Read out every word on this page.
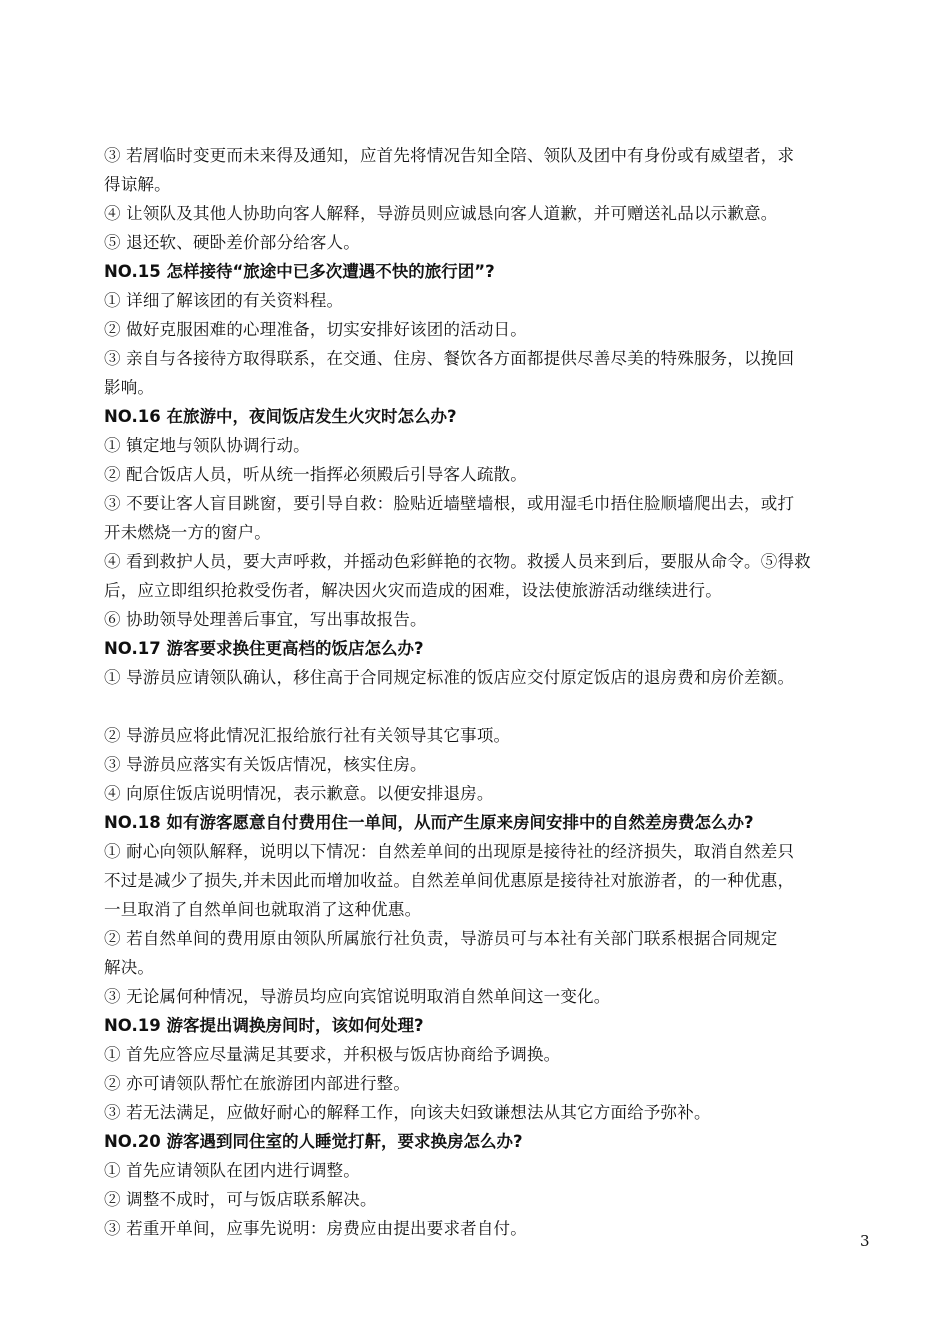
③ 若屑临时变更而未来得及通知，应首先将情况告知全陪、领队及团中有身份或有威望者，求
得谅解。
④ 让领队及其他人协助向客人解释，导游员则应诚恳向客人道歉，并可赠送礼品以示歉意。
⑤ 退还软、硬卧差价部分给客人。
NO.15 怎样接待“旅途中已多次遭遇不快的旅行团”?
① 详细了解该团的有关资料程。
② 做好克服困难的心理准备，切实安排好该团的活动日。
③ 亲自与各接待方取得联系，在交通、住房、餐饮各方面都提供尽善尽美的特殊服务，以挽回
影响。
NO.16 在旅游中，夜间饭店发生火灾时怎么办?
① 镇定地与领队协调行动。
② 配合饭店人员，听从统一指挥必须殿后引导客人疏散。
③ 不要让客人盲目跳窗，要引导自救：脸贴近墙壁墙根，或用湿毛巾捂住脸顺墙爬出去，或打
开未燃烧一方的窗户。
④ 看到救护人员，要大声呼救，并摇动色彩鲜艳的衣物。救援人员来到后，要服从命令。⑤得救
后，应立即组织抢救受伤者，解决因火灾而造成的困难，设法使旅游活动继续进行。
⑥ 协助领导处理善后事宜，写出事故报告。
NO.17 游客要求换住更高档的饭店怎么办?
① 导游员应请领队确认，移住高于合同规定标准的饭店应交付原定饭店的退房费和房价差额。
② 导游员应将此情况汇报给旅行社有关领导其它事项。
③ 导游员应落实有关饭店情况，核实住房。
④ 向原住饭店说明情况，表示歉意。以便安排退房。
NO.18 如有游客愿意自付费用住一单间，从而产生原来房间安排中的自然差房费怎么办?
① 耐心向领队解释，说明以下情况：自然差单间的出现原是接待社的经济损失，取消自然差只
不过是减少了损失,并未因此而增加收益。自然差单间优惠原是接待社对旅游者，的一种优惠，
一旦取消了自然单间也就取消了这种优惠。
② 若自然单间的费用原由领队所属旅行社负责，导游员可与本社有关部门联系根据合同规定
解决。
③ 无论属何种情况，导游员均应向宾馆说明取消自然单间这一变化。
NO.19 游客提出调换房间时，该如何处理?
① 首先应答应尽量满足其要求，并积极与饭店协商给予调换。
② 亦可请领队帮忙在旅游团内部进行整。
③ 若无法满足，应做好耐心的解释工作，向该夫妇致谦想法从其它方面给予弥补。
NO.20 游客遇到同住室的人睡觉打鼾，要求换房怎么办?
① 首先应请领队在团内进行调整。
② 调整不成时，可与饭店联系解决。
③ 若重开单间，应事先说明：房费应由提出要求者自付。
3
